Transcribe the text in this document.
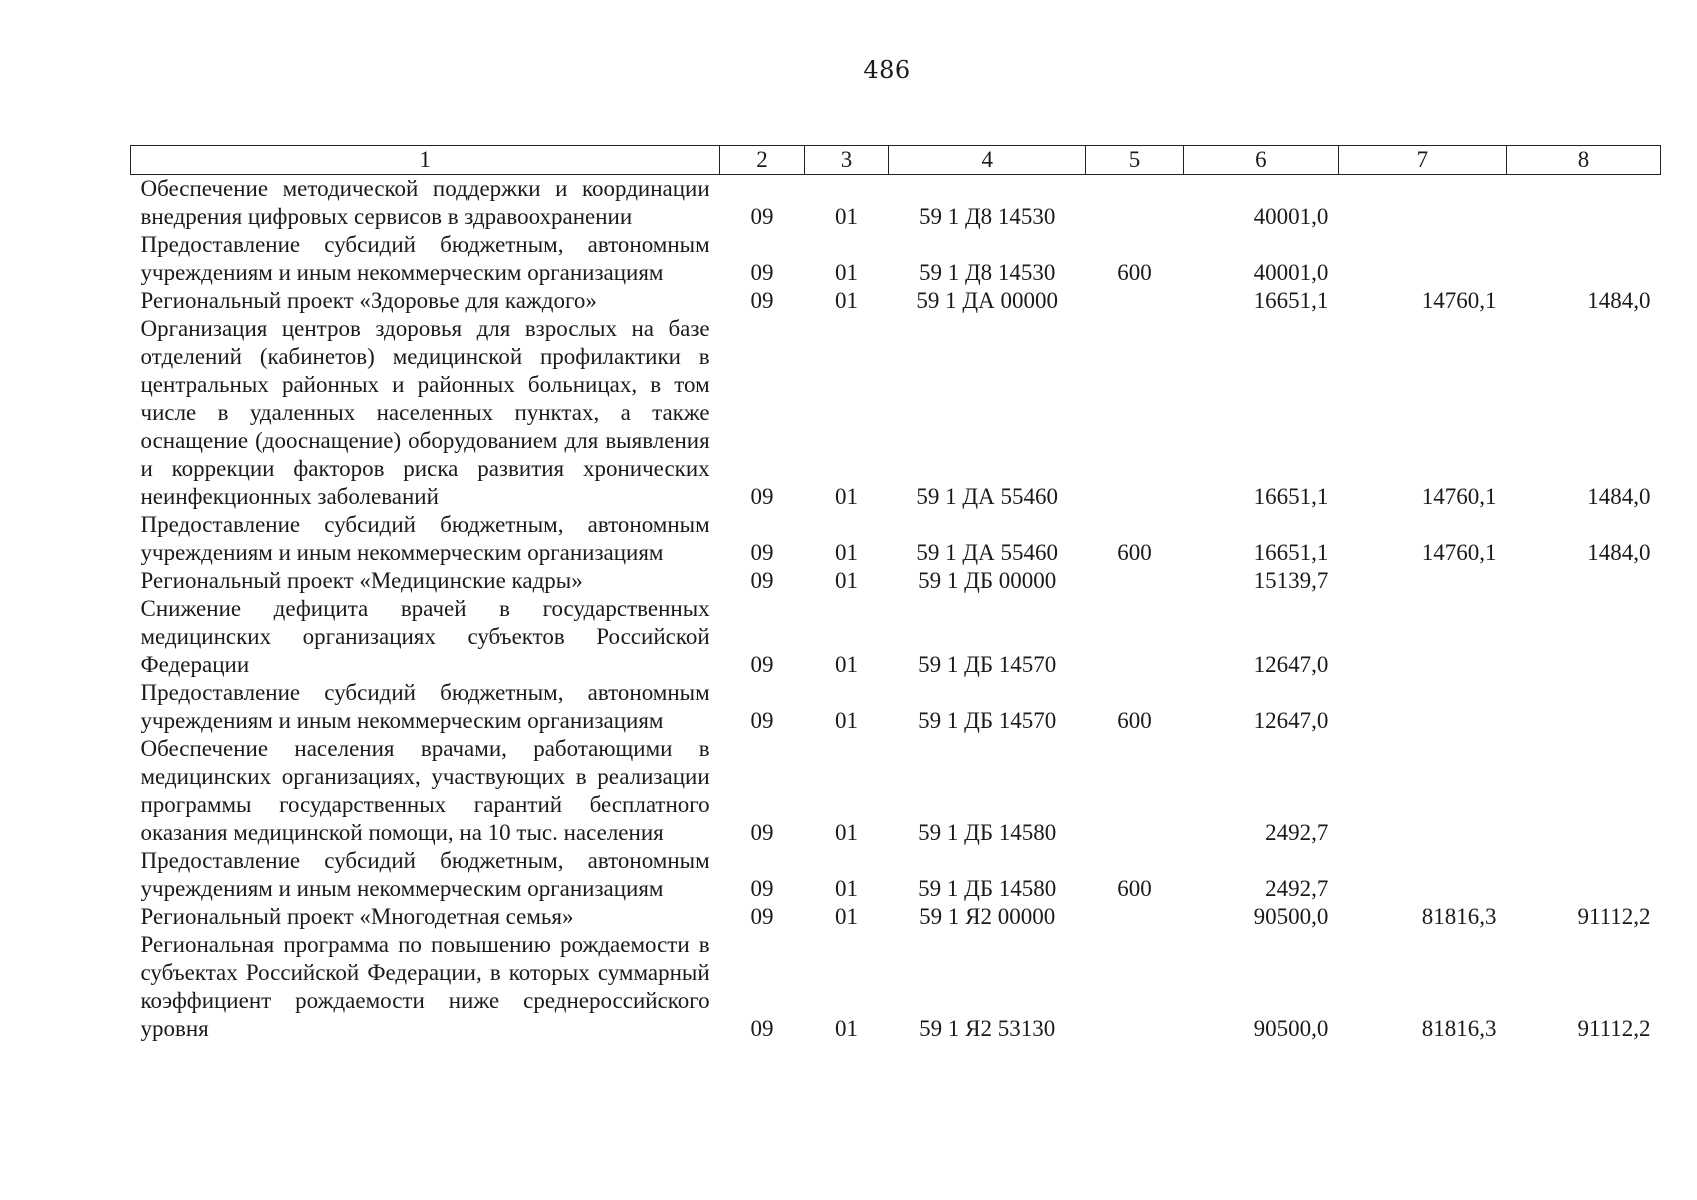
486
1	2	3	4	5	6	7	8
Обеспечение методической поддержки и координации внедрения цифровых сервисов в здравоохранении	09	01	59 1 Д8 14530		40001,0		
Предоставление субсидий бюджетным, автономным учреждениям и иным некоммерческим организациям	09	01	59 1 Д8 14530	600	40001,0		
Региональный проект «Здоровье для каждого»	09	01	59 1 ДА 00000		16651,1	14760,1	1484,0
Организация центров здоровья для взрослых на базе отделений (кабинетов) медицинской профилактики в центральных районных и районных больницах, в том числе в удаленных населенных пунктах, а также оснащение (дооснащение) оборудованием для выявления и коррекции факторов риска развития хронических неинфекционных заболеваний	09	01	59 1 ДА 55460		16651,1	14760,1	1484,0
Предоставление субсидий бюджетным, автономным учреждениям и иным некоммерческим организациям	09	01	59 1 ДА 55460	600	16651,1	14760,1	1484,0
Региональный проект «Медицинские кадры»	09	01	59 1 ДБ 00000		15139,7		
Снижение дефицита врачей в государственных медицинских организациях субъектов Российской Федерации	09	01	59 1 ДБ 14570		12647,0		
Предоставление субсидий бюджетным, автономным учреждениям и иным некоммерческим организациям	09	01	59 1 ДБ 14570	600	12647,0		
Обеспечение населения врачами, работающими в медицинских организациях, участвующих в реализации программы государственных гарантий бесплатного оказания медицинской помощи, на 10 тыс. населения	09	01	59 1 ДБ 14580		2492,7		
Предоставление субсидий бюджетным, автономным учреждениям и иным некоммерческим организациям	09	01	59 1 ДБ 14580	600	2492,7		
Региональный проект «Многодетная семья»	09	01	59 1 Я2 00000		90500,0	81816,3	91112,2
Региональная программа по повышению рождаемости в субъектах Российской Федерации, в которых суммарный коэффициент рождаемости ниже среднероссийского уровня	09	01	59 1 Я2 53130		90500,0	81816,3	91112,2
